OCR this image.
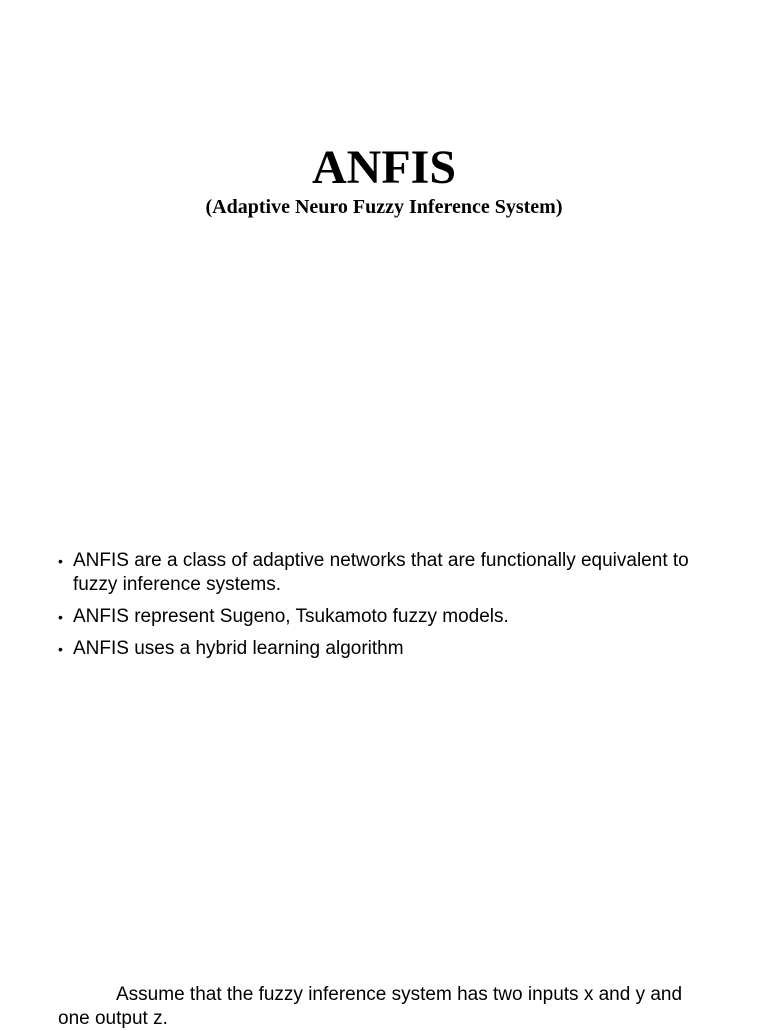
ANFIS
(Adaptive Neuro Fuzzy Inference System)
• ANFIS are a class of adaptive networks that are functionally equivalent to fuzzy inference systems.
• ANFIS represent Sugeno, Tsukamoto fuzzy models.
• ANFIS uses a hybrid learning algorithm

Assume that the fuzzy inference system has two inputs x and y and one output z.
